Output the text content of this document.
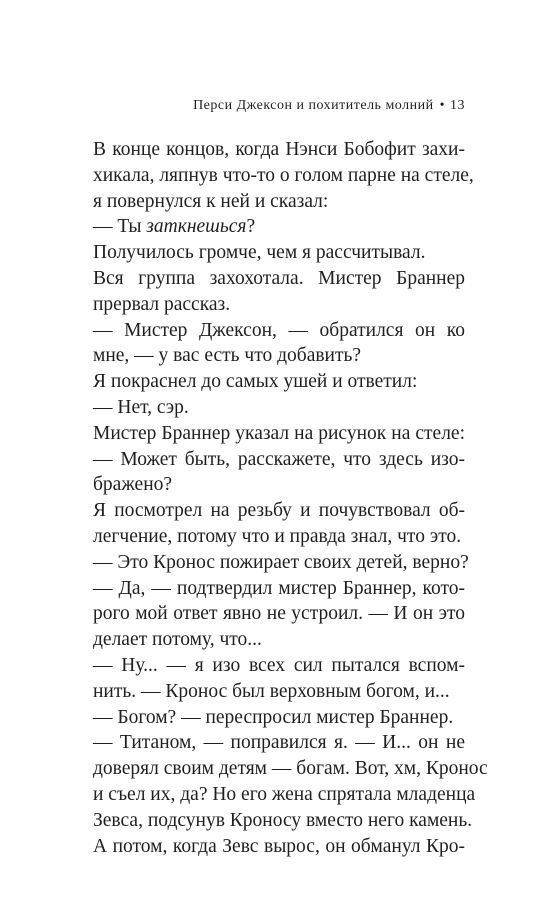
Перси Джексон и похититель молний • 13
В конце концов, когда Нэнси Бобофит захи-
хикала, ляпнув что-то о голом парне на стеле,
я повернулся к ней и сказал:
— Ты заткнешься?
Получилось громче, чем я рассчитывал.
Вся группа захохотала. Мистер Браннер
прервал рассказ.
— Мистер Джексон, — обратился он ко
мне, — у вас есть что добавить?
Я покраснел до самых ушей и ответил:
— Нет, сэр.
Мистер Браннер указал на рисунок на стеле:
— Может быть, расскажете, что здесь изо-
бражено?
Я посмотрел на резьбу и почувствовал об-
легчение, потому что и правда знал, что это.
— Это Кронос пожирает своих детей, верно?
— Да, — подтвердил мистер Браннер, кото-
рого мой ответ явно не устроил. — И он это
делает потому, что...
— Ну... — я изо всех сил пытался вспом-
нить. — Кронос был верховным богом, и...
— Богом? — переспросил мистер Браннер.
— Титаном, — поправился я. — И... он не
доверял своим детям — богам. Вот, хм, Кронос
и съел их, да? Но его жена спрятала младенца
Зевса, подсунув Кроносу вместо него камень.
А потом, когда Зевс вырос, он обманул Кро-
